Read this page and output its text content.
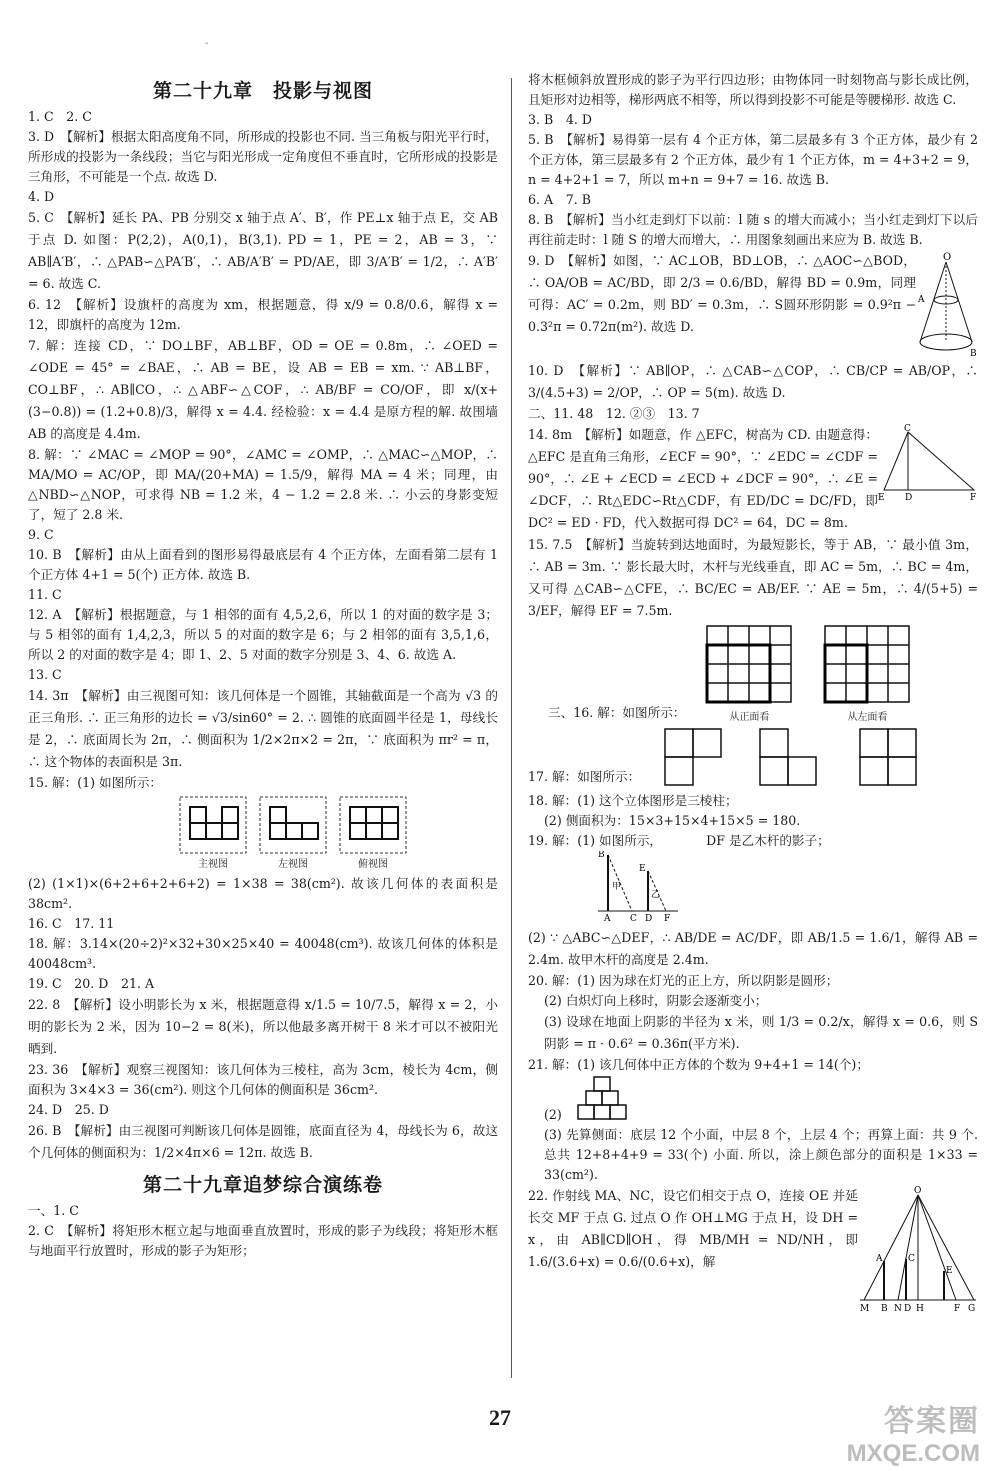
-
第二十九章　投影与视图

1. C　2. C

3. D　【解析】根据太阳高度角不同，所形成的投影也不同. 当三角板与阳光平行时，所形成的投影为一条线段；当它与阳光形成一定角度但不垂直时，它所形成的投影是三角形，不可能是一个点. 故选 D.

4. D

5. C　【解析】延长 PA、PB 分别交 x 轴于点 A′、B′，作 PE⊥x 轴于点 E，交 AB 于点 D. 如图：P(2,2)，A(0,1)，B(3,1). PD = 1，PE = 2，AB = 3，∵ AB∥A′B′，∴ △PAB∽△PA′B′，∴ AB/A′B′ = PD/AE，即 3/A′B′ = 1/2，∴ A′B′ = 6. 故选 C.

6. 12　【解析】设旗杆的高度为 xm，根据题意，得 x/9 = 0.8/0.6，解得 x = 12，即旗杆的高度为 12m.

7. 解：连接 CD，∵ DO⊥BF，AB⊥BF，OD = OE = 0.8m，∴ ∠OED = ∠ODE = 45° = ∠BAE，∴ AB = BE，设 AB = EB = xm. ∵ AB⊥BF，CO⊥BF，∴ AB∥CO，∴ △ABF∽△COF，∴ AB/BF = CO/OF，即 x/(x+(3−0.8)) = (1.2+0.8)/3，解得 x = 4.4. 经检验：x = 4.4 是原方程的解. 故围墙 AB 的高度是 4.4m.

8. 解：∵ ∠MAC = ∠MOP = 90°，∠AMC = ∠OMP，∴ △MAC∽△MOP，∴ MA/MO = AC/OP，即 MA/(20+MA) = 1.5/9，解得 MA = 4 米；同理，由 △NBD∽△NOP，可求得 NB = 1.2 米，4 − 1.2 = 2.8 米. ∴ 小云的身影变短了，短了 2.8 米.

9. C

10. B　【解析】由从上面看到的图形易得最底层有 4 个正方体，左面看第二层有 1 个正方体 4+1 = 5(个) 正方体. 故选 B.

11. C

12. A　【解析】根据题意，与 1 相邻的面有 4,5,2,6，所以 1 的对面的数字是 3；与 5 相邻的面有 1,4,2,3，所以 5 的对面的数字是 6；与 2 相邻的面有 3,5,1,6，所以 2 的对面的数字是 4；即 1、2、5 对面的数字分别是 3、4、6. 故选 A.

13. C

14. 3π　【解析】由三视图可知：该几何体是一个圆锥，其轴截面是一个高为 √3 的正三角形. ∴ 正三角形的边长 = √3/sin60° = 2. ∴ 圆锥的底面圆半径是 1，母线长是 2，∴ 底面周长为 2π，∴ 侧面积为 1/2×2π×2 = 2π，∵ 底面积为 πr² = π，∴ 这个物体的表面积是 3π.

15. 解：(1) 如图所示：

主视图	左视图	俯视图

(2) (1×1)×(6+2+6+2+6+2) = 1×38 = 38(cm²). 故该几何体的表面积是 38cm².

16. C　17. 11

18. 解：3.14×(20÷2)²×32+30×25×40 = 40048(cm³). 故该几何体的体积是 40048cm³.

19. C　20. D　21. A

22. 8　【解析】设小明影长为 x 米，根据题意得 x/1.5 = 10/7.5，解得 x = 2，小明的影长为 2 米，因为 10−2 = 8(米)，所以他最多离开树干 8 米才可以不被阳光晒到.

23. 36　【解析】观察三视图知：该几何体为三棱柱，高为 3cm，棱长为 4cm，侧面积为 3×4×3 = 36(cm²). 则这个几何体的侧面积是 36cm².

24. D　25. D

26. B　【解析】由三视图可判断该几何体是圆锥，底面直径为 4，母线长为 6，故这个几何体的侧面积为：1/2×4π×6 = 12π. 故选 B.

第二十九章追梦综合演练卷

一、1. C

2. C　【解析】将矩形木框立起与地面垂直放置时，形成的影子为线段；将矩形木框与地面平行放置时，形成的影子为矩形；

将木框倾斜放置形成的影子为平行四边形；由物体同一时刻物高与影长成比例，且矩形对边相等，梯形两底不相等，所以得到投影不可能是等腰梯形. 故选 C.

3. B　4. D

5. B　【解析】易得第一层有 4 个正方体，第二层最多有 3 个正方体，最少有 2 个正方体，第三层最多有 2 个正方体，最少有 1 个正方体，m = 4+3+2 = 9，n = 4+2+1 = 7，所以 m+n = 9+7 = 16. 故选 B.

6. A　7. B

8. B　【解析】当小红走到灯下以前：l 随 s 的增大而减小；当小红走到灯下以后再往前走时：l 随 S 的增大而增大，∴ 用图象刻画出来应为 B. 故选 B.

9. D　【解析】如图，∵ AC⊥OB，BD⊥OB，∴ △AOC∽△BOD，∴ OA/OB = AC/BD，即 2/3 = 0.6/BD，解得 BD = 0.9m，同理可得：AC′ = 0.2m，则 BD′ = 0.3m，∴ S圆环形阴影 = 0.9²π − 0.3²π = 0.72π(m²). 故选 D.

O
A
B

10. D　【解析】∵ AB∥OP，∴ △CAB∽△COP，∴ CB/CP = AB/OP，∴ 3/(4.5+3) = 2/OP，∴ OP = 5(m). 故选 D.

二、11. 48　12. ②③　13. 7

14. 8m　【解析】如题意，作 △EFC，树高为 CD. 由题意得：△EFC 是直角三角形，∠ECF = 90°，∵ ∠EDC = ∠CDF = 90°，∴ ∠E + ∠ECD = ∠ECD + ∠DCF = 90°，∴ ∠E = ∠DCF，∴ Rt△EDC∽Rt△CDF，有 ED/DC = DC/FD，即 DC² = ED · FD，代入数据可得 DC² = 64，DC = 8m.

C
E D	F

15. 7.5　【解析】当旋转到达地面时，为最短影长，等于 AB，∵ 最小值 3m，∴ AB = 3m. ∵ 影长最大时，木杆与光线垂直，即 AC = 5m，∴ BC = 4m，又可得 △CAB∽△CFE，∴ BC/EC = AB/EF. ∵ AE = 5m，∴ 4/(5+5) = 3/EF，解得 EF = 7.5m.

三、16. 解：如图所示：	从正面看	从左面看

17. 解：如图所示：

18. 解：(1) 这个立体图形是三棱柱；

(2) 侧面积为：15×3+15×4+15×5 = 180.

19. 解：(1) 如图所示，　　　　DF 是乙木杆的影子；

B
A C D
E
F
甲
乙

(2) ∵ △ABC∽△DEF，∴ AB/DE = AC/DF，即 AB/1.5 = 1.6/1，解得 AB = 2.4m. 故甲木杆的高度是 2.4m.

20. 解：(1) 因为球在灯光的正上方，所以阴影是圆形；

(2) 白炽灯向上移时，阴影会逐渐变小；

(3) 设球在地面上阴影的半径为 x 米，则 1/3 = 0.2/x，解得 x = 0.6，则 S阴影 = π · 0.6² = 0.36π(平方米).

21. 解：(1) 该几何体中正方体的个数为 9+4+1 = 14(个)；

(2)

(3) 先算侧面：底层 12 个小面，中层 8 个，上层 4 个；再算上面：共 9 个. 总共 12+8+4+9 = 33(个) 小面. 所以，涂上颜色部分的面积是 1×33 = 33(cm²).

22. 作射线 MA、NC，设它们相交于点 O，连接 OE 并延长交 MF 于点 G. 过点 O 作 OH⊥MG 于点 H，设 DH = x，由 AB∥CD∥OH，得 MB/MH = ND/NH，即 1.6/(3.6+x) = 0.6/(0.6+x)，解

O
A	C
E
M B N D H	F G
27	答案圈
MXQE.COM
